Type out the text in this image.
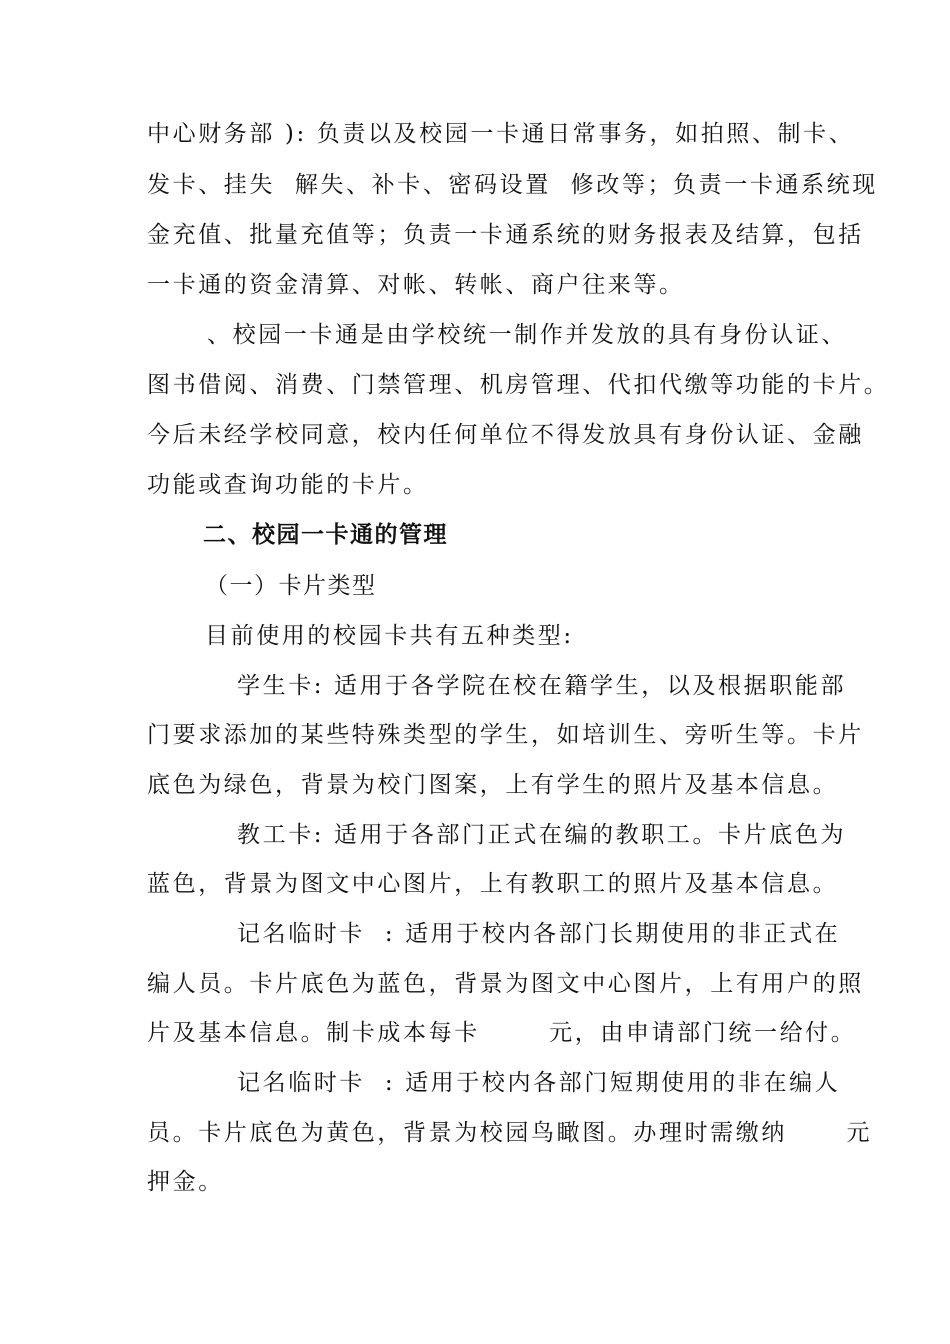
中心财务部 ): 负责以及校园一卡通日常事务，如拍照、制卡、
发卡、挂失  解失、补卡、密码设置  修改等；负责一卡通系统现
金充值、批量充值等；负责一卡通系统的财务报表及结算，包括
一卡通的资金清算、对帐、转帐、商户往来等。
、校园一卡通是由学校统一制作并发放的具有身份认证、
图书借阅、消费、门禁管理、机房管理、代扣代缴等功能的卡片。
今后未经学校同意，校内任何单位不得发放具有身份认证、金融
功能或查询功能的卡片。
二、校园一卡通的管理
（一）卡片类型
目前使用的校园卡共有五种类型:
学生卡: 适用于各学院在校在籍学生，以及根据职能部
门要求添加的某些特殊类型的学生，如培训生、旁听生等。卡片
底色为绿色，背景为校门图案，上有学生的照片及基本信息。
教工卡: 适用于各部门正式在编的教职工。卡片底色为
蓝色，背景为图文中心图片，上有教职工的照片及基本信息。
记名临时卡  : 适用于校内各部门长期使用的非正式在
编人员。卡片底色为蓝色，背景为图文中心图片，上有用户的照
片及基本信息。制卡成本每卡       元，由申请部门统一给付。
记名临时卡  : 适用于校内各部门短期使用的非在编人
员。卡片底色为黄色，背景为校园鸟瞰图。办理时需缴纳      元
押金。
